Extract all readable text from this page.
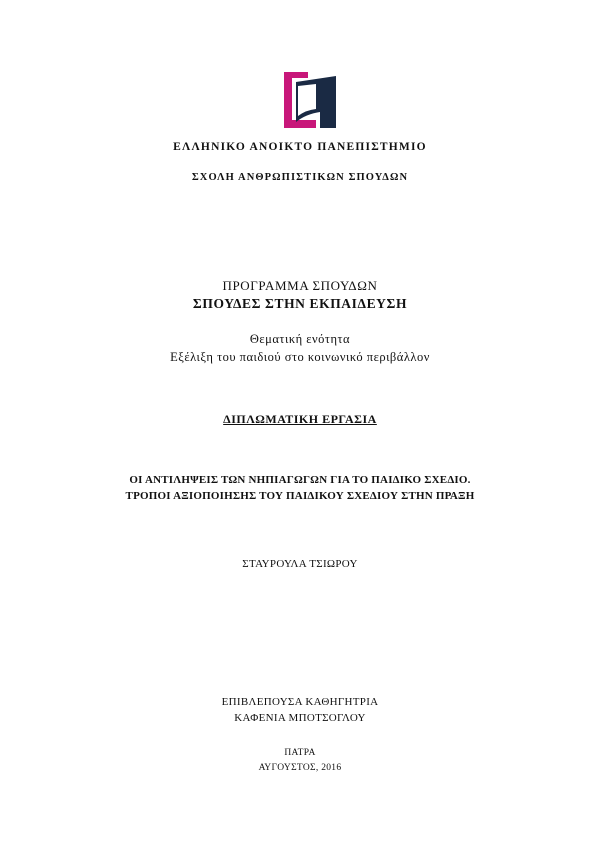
ΕΛΛΗΝΙΚΟ ΑΝΟΙΚΤΟ ΠΑΝΕΠΙΣΤΗΜΙΟ
ΣΧΟΛΗ ΑΝΘΡΩΠΙΣΤΙΚΩΝ ΣΠΟΥΔΩΝ
ΠΡΟΓΡΑΜΜΑ ΣΠΟΥΔΩΝ
ΣΠΟΥΔΕΣ ΣΤΗΝ ΕΚΠΑΙΔΕΥΣΗ
Θεματική ενότητα
Εξέλιξη του παιδιού στο κοινωνικό περιβάλλον
ΔΙΠΛΩΜΑΤΙΚΗ ΕΡΓΑΣΙΑ
ΟΙ ΑΝΤΙΛΗΨΕΙΣ ΤΩΝ ΝΗΠΙΑΓΩΓΩΝ ΓΙΑ ΤΟ ΠΑΙΔΙΚΟ ΣΧΕΔΙΟ.
ΤΡΟΠΟΙ ΑΞΙΟΠΟΙΗΣΗΣ ΤΟΥ ΠΑΙΔΙΚΟΥ ΣΧΕΔΙΟΥ ΣΤΗΝ ΠΡΑΞΗ
ΣΤΑΥΡΟΥΛΑ ΤΣΙΩΡΟΥ
ΕΠΙΒΛΕΠΟΥΣΑ ΚΑΘΗΓΗΤΡΙΑ
ΚΑΦΕΝΙΑ ΜΠΟΤΣΟΓΛΟΥ
ΠΑΤΡΑ
ΑΥΓΟΥΣΤΟΣ, 2016
